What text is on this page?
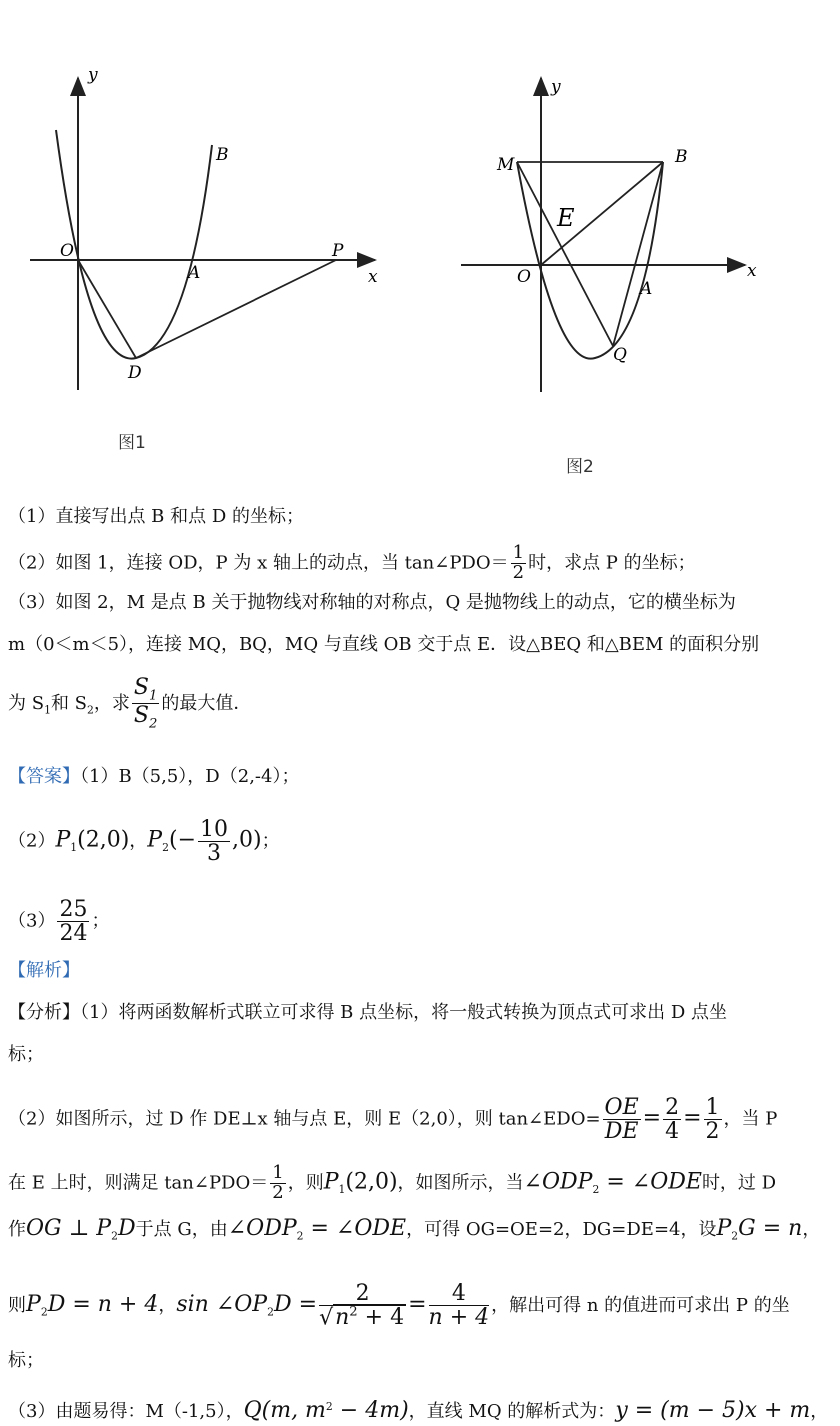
y
O
A
B
P
x
D
图1
y
M	B
E
O
A
x
Q
图2
（1）直接写出点 B 和点 D 的坐标；
（2）如图 1，连接 OD，P 为 x 轴上的动点，当 tan∠PDO＝ $\frac{1}{2}$ 时，求点 P 的坐标；
（3）如图 2，M 是点 B 关于抛物线对称轴的对称点，Q 是抛物线上的动点，它的横坐标为
m（0＜m＜5），连接 MQ，BQ，MQ 与直线 OB 交于点 E．设△BEQ 和△BEM 的面积分别
为 $S_1$和 $S_2$，求 $\frac{S_1}{S_2}$ 的最大值．
【答案】（1）B（5,5），D（2,-4）；
$(2)P_1(2,0)$，$P_2(- \frac{10}{3} ,0)$；
$(3) \frac{25}{24}$ ；
【解析】
【分析】（1）将两函数解析式联立可求得 B 点坐标，将一般式转换为顶点式可求出 D 点坐
标；
（2）如图所示，过 D 作 DE⊥x 轴与点 E，则 E（2,0），则 tan∠EDO= $\frac{OE}{DE} = \frac{2}{4} = \frac{1}{2}$ ，当 P
在 E 上时，则满足 tan∠PDO＝ $\frac{1}{2}$ ，则$P_1(2,0)$，如图所示，当$\angle ODP_2$ = ∠ODE时，过 D
作OG ⊥ $P_2D$于点 G，由$\angle ODP_2$ = ∠ODE，可得 OG=OE=2，DG=DE=4，设$P_2G = n$，
则$P_2D = n + 4$，$\sin \angle OP_2D = \frac{2}{√n^2 + 4} = \frac{4}{n + 4}$ ，解出可得 n 的值进而可求出 P 的坐
标；
（3）由题易得：M（-1,5），Q(m, $m^2 - 4m$)，直线 MQ 的解析式为：y = (m − 5)x + m，
